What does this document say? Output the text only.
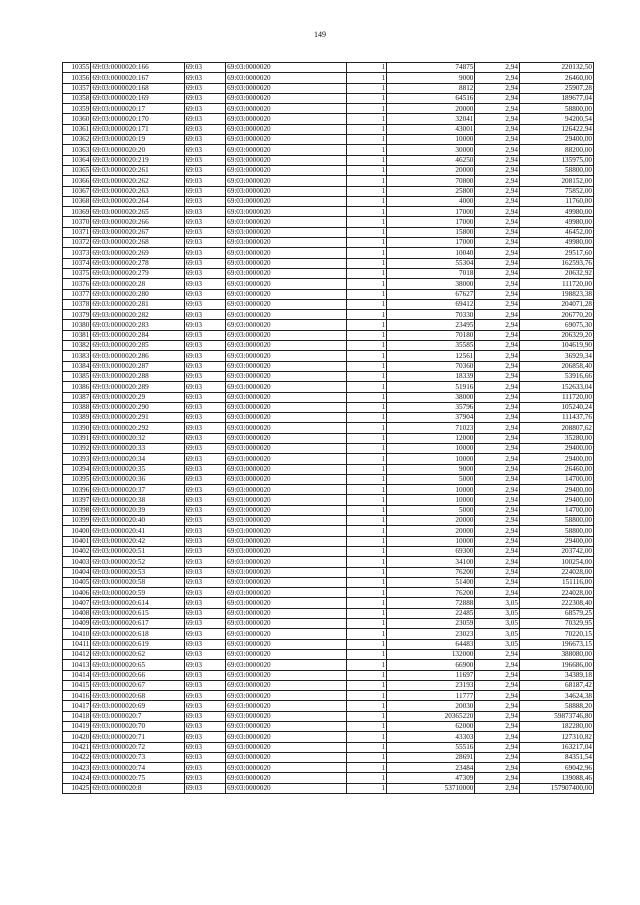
149
10355	69:03:0000020:166	69:03	69:03:0000020	1	74875	2,94	220132,50
10356	69:03:0000020:167	69:03	69:03:0000020	1	9000	2,94	26460,00
10357	69:03:0000020:168	69:03	69:03:0000020	1	8812	2,94	25907,28
10358	69:03:0000020:169	69:03	69:03:0000020	1	64516	2,94	189677,04
10359	69:03:0000020:17	69:03	69:03:0000020	1	20000	2,94	58800,00
10360	69:03:0000020:170	69:03	69:03:0000020	1	32041	2,94	94200,54
10361	69:03:0000020:171	69:03	69:03:0000020	1	43001	2,94	126422,94
10362	69:03:0000020:19	69:03	69:03:0000020	1	10000	2,94	29400,00
10363	69:03:0000020:20	69:03	69:03:0000020	1	30000	2,94	88200,00
10364	69:03:0000020:219	69:03	69:03:0000020	1	46250	2,94	135975,00
10365	69:03:0000020:261	69:03	69:03:0000020	1	20000	2,94	58800,00
10366	69:03:0000020:262	69:03	69:03:0000020	1	70800	2,94	208152,00
10367	69:03:0000020:263	69:03	69:03:0000020	1	25800	2,94	75852,00
10368	69:03:0000020:264	69:03	69:03:0000020	1	4000	2,94	11760,00
10369	69:03:0000020:265	69:03	69:03:0000020	1	17000	2,94	49980,00
10370	69:03:0000020:266	69:03	69:03:0000020	1	17000	2,94	49980,00
10371	69:03:0000020:267	69:03	69:03:0000020	1	15800	2,94	46452,00
10372	69:03:0000020:268	69:03	69:03:0000020	1	17000	2,94	49980,00
10373	69:03:0000020:269	69:03	69:03:0000020	1	10040	2,94	29517,60
10374	69:03:0000020:278	69:03	69:03:0000020	1	55304	2,94	162593,76
10375	69:03:0000020:279	69:03	69:03:0000020	1	7018	2,94	20632,92
10376	69:03:0000020:28	69:03	69:03:0000020	1	38000	2,94	111720,00
10377	69:03:0000020:280	69:03	69:03:0000020	1	67627	2,94	198823,38
10378	69:03:0000020:281	69:03	69:03:0000020	1	69412	2,94	204071,28
10379	69:03:0000020:282	69:03	69:03:0000020	1	70330	2,94	206770,20
10380	69:03:0000020:283	69:03	69:03:0000020	1	23495	2,94	69075,30
10381	69:03:0000020:284	69:03	69:03:0000020	1	70180	2,94	206329,20
10382	69:03:0000020:285	69:03	69:03:0000020	1	35585	2,94	104619,90
10383	69:03:0000020:286	69:03	69:03:0000020	1	12561	2,94	36929,34
10384	69:03:0000020:287	69:03	69:03:0000020	1	70360	2,94	206858,40
10385	69:03:0000020:288	69:03	69:03:0000020	1	18339	2,94	53916,66
10386	69:03:0000020:289	69:03	69:03:0000020	1	51916	2,94	152633,04
10387	69:03:0000020:29	69:03	69:03:0000020	1	38000	2,94	111720,00
10388	69:03:0000020:290	69:03	69:03:0000020	1	35796	2,94	105240,24
10389	69:03:0000020:291	69:03	69:03:0000020	1	37904	2,94	111437,76
10390	69:03:0000020:292	69:03	69:03:0000020	1	71023	2,94	208807,62
10391	69:03:0000020:32	69:03	69:03:0000020	1	12000	2,94	35280,00
10392	69:03:0000020:33	69:03	69:03:0000020	1	10000	2,94	29400,00
10393	69:03:0000020:34	69:03	69:03:0000020	1	10000	2,94	29400,00
10394	69:03:0000020:35	69:03	69:03:0000020	1	9000	2,94	26460,00
10395	69:03:0000020:36	69:03	69:03:0000020	1	5000	2,94	14700,00
10396	69:03:0000020:37	69:03	69:03:0000020	1	10000	2,94	29400,00
10397	69:03:0000020:38	69:03	69:03:0000020	1	10000	2,94	29400,00
10398	69:03:0000020:39	69:03	69:03:0000020	1	5000	2,94	14700,00
10399	69:03:0000020:40	69:03	69:03:0000020	1	20000	2,94	58800,00
10400	69:03:0000020:41	69:03	69:03:0000020	1	20000	2,94	58800,00
10401	69:03:0000020:42	69:03	69:03:0000020	1	10000	2,94	29400,00
10402	69:03:0000020:51	69:03	69:03:0000020	1	69300	2,94	203742,00
10403	69:03:0000020:52	69:03	69:03:0000020	1	34100	2,94	100254,00
10404	69:03:0000020:53	69:03	69:03:0000020	1	76200	2,94	224028,00
10405	69:03:0000020:58	69:03	69:03:0000020	1	51400	2,94	151116,00
10406	69:03:0000020:59	69:03	69:03:0000020	1	76200	2,94	224028,00
10407	69:03:0000020:614	69:03	69:03:0000020	1	72888	3,05	222308,40
10408	69:03:0000020:615	69:03	69:03:0000020	1	22485	3,05	68579,25
10409	69:03:0000020:617	69:03	69:03:0000020	1	23059	3,05	70329,95
10410	69:03:0000020:618	69:03	69:03:0000020	1	23023	3,05	70220,15
10411	69:03:0000020:619	69:03	69:03:0000020	1	64483	3,05	196673,15
10412	69:03:0000020:62	69:03	69:03:0000020	1	132000	2,94	388080,00
10413	69:03:0000020:65	69:03	69:03:0000020	1	66900	2,94	196686,00
10414	69:03:0000020:66	69:03	69:03:0000020	1	11697	2,94	34389,18
10415	69:03:0000020:67	69:03	69:03:0000020	1	23193	2,94	68187,42
10416	69:03:0000020:68	69:03	69:03:0000020	1	11777	2,94	34624,38
10417	69:03:0000020:69	69:03	69:03:0000020	1	20030	2,94	58888,20
10418	69:03:0000020:7	69:03	69:03:0000020	1	20365220	2,94	59873746,80
10419	69:03:0000020:70	69:03	69:03:0000020	1	62000	2,94	182280,00
10420	69:03:0000020:71	69:03	69:03:0000020	1	43303	2,94	127310,82
10421	69:03:0000020:72	69:03	69:03:0000020	1	55516	2,94	163217,04
10422	69:03:0000020:73	69:03	69:03:0000020	1	28691	2,94	84351,54
10423	69:03:0000020:74	69:03	69:03:0000020	1	23484	2,94	69042,96
10424	69:03:0000020:75	69:03	69:03:0000020	1	47309	2,94	139088,46
10425	69:03:0000020:8	69:03	69:03:0000020	1	53710000	2,94	157907400,00
